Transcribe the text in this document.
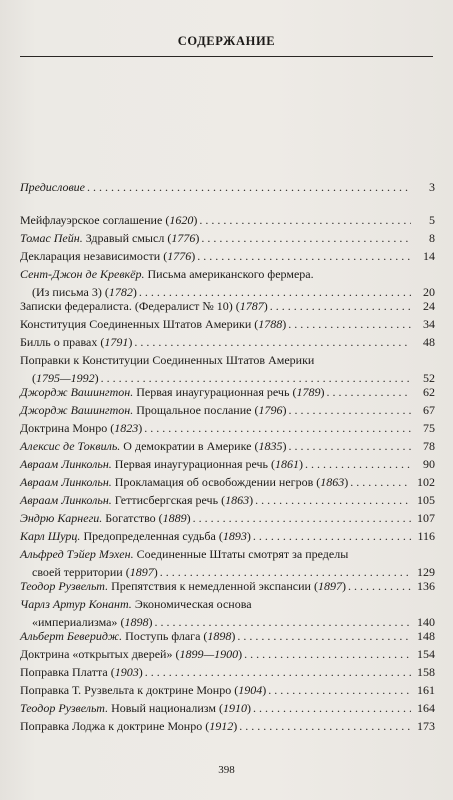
СОДЕРЖАНИЕ
Предисловие . . .	3
Мейфлауэрское соглашение (1620) . . .	5
Томас Пейн. Здравый смысл (1776) . . .	8
Декларация независимости (1776) . . .	14
Сент-Джон де Кревкёр. Письма американского фермера.
(Из письма 3) (1782) . . .	20
Записки федералиста. (Федералист № 10) (1787) . . .	24
Конституция Соединенных Штатов Америки (1788) . . .	34
Билль о правах (1791) . . .	48
Поправки к Конституции Соединенных Штатов Америки
(1795—1992) . . .	52
Джордж Вашингтон. Первая инаугурационная речь (1789) . . .	62
Джордж Вашингтон. Прощальное послание (1796) . . .	67
Доктрина Монро (1823) . . .	75
Алексис де Токвиль. О демократии в Америке (1835) . . .	78
Авраам Линкольн. Первая инаугурационная речь (1861) . . .	90
Авраам Линкольн. Прокламация об освобождении негров (1863) . . .	102
Авраам Линкольн. Геттисбергская речь (1863) . . .	105
Эндрю Карнеги. Богатство (1889) . . .	107
Карл Шурц. Предопределенная судьба (1893) . . .	116
Альфред Тэйер Мэхен. Соединенные Штаты смотрят за пределы
своей территории (1897) . . .	129
Теодор Рузвельт. Препятствия к немедленной экспансии (1897) . . .	136
Чарлз Артур Конант. Экономическая основа
«империализма» (1898) . . .	140
Альберт Беверидж. Поступь флага (1898) . . .	148
Доктрина «открытых дверей» (1899—1900) . . .	154
Поправка Платта (1903) . . .	158
Поправка Т. Рузвельта к доктрине Монро (1904) . . .	161
Теодор Рузвельт. Новый национализм (1910) . . .	164
Поправка Лоджа к доктрине Монро (1912) . . .	173
398
